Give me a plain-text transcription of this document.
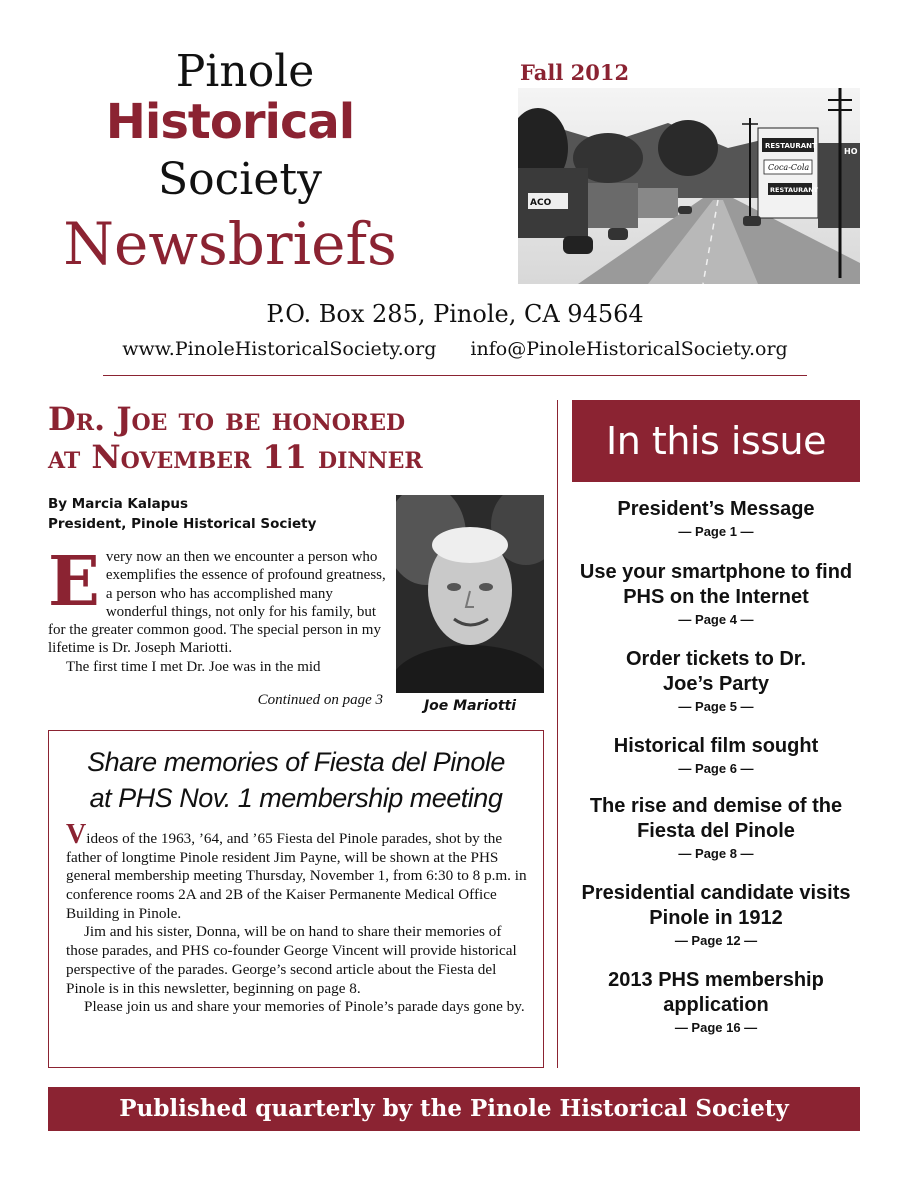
Pinole
Historical
Society
Newsbriefs
Fall 2012
RESTAURANT
Coca-Cola
RESTAURANT
ACO
HO
P.O. Box 285, Pinole, CA 94564
www.PinoleHistoricalSociety.org info@PinoleHistoricalSociety.org
Dr. Joe to be honored
at November 11 dinner
By Marcia Kalapus
President, Pinole Historical Society
Joe Mariotti

Every now an then we encounter a person who exemplifies the essence of profound greatness, a person who has accomplished many wonderful things, not only for his family, but for the greater common good. The special person in my lifetime is Dr. Joseph Mariotti.

The first time I met Dr. Joe was in the mid

Continued on page 3
Share memories of Fiesta del Pinole
at PHS Nov. 1 membership meeting

Videos of the 1963, ’64, and ’65 Fiesta del Pinole parades, shot by the father of longtime Pinole resident Jim Payne, will be shown at the PHS general membership meeting Thursday, November 1, from 6:30 to 8 p.m. in conference rooms 2A and 2B of the Kaiser Permanente Medical Office Building in Pinole.

Jim and his sister, Donna, will be on hand to share their memories of those parades, and PHS co-founder George Vincent will provide historical perspective of the parades. George’s second article about the Fiesta del Pinole is in this newsletter, beginning on page 8.

Please join us and share your memories of Pinole’s parade days gone by.

In this issue
President’s Message
— Page 1 —
Use your smartphone to find PHS on the Internet
— Page 4 —
Order tickets to Dr. Joe’s Party
— Page 5 —
Historical film sought
— Page 6 —
The rise and demise of the Fiesta del Pinole
— Page 8 —
Presidential candidate visits Pinole in 1912
— Page 12 —
2013 PHS membership application
— Page 16 —
Published quarterly by the Pinole Historical Society
